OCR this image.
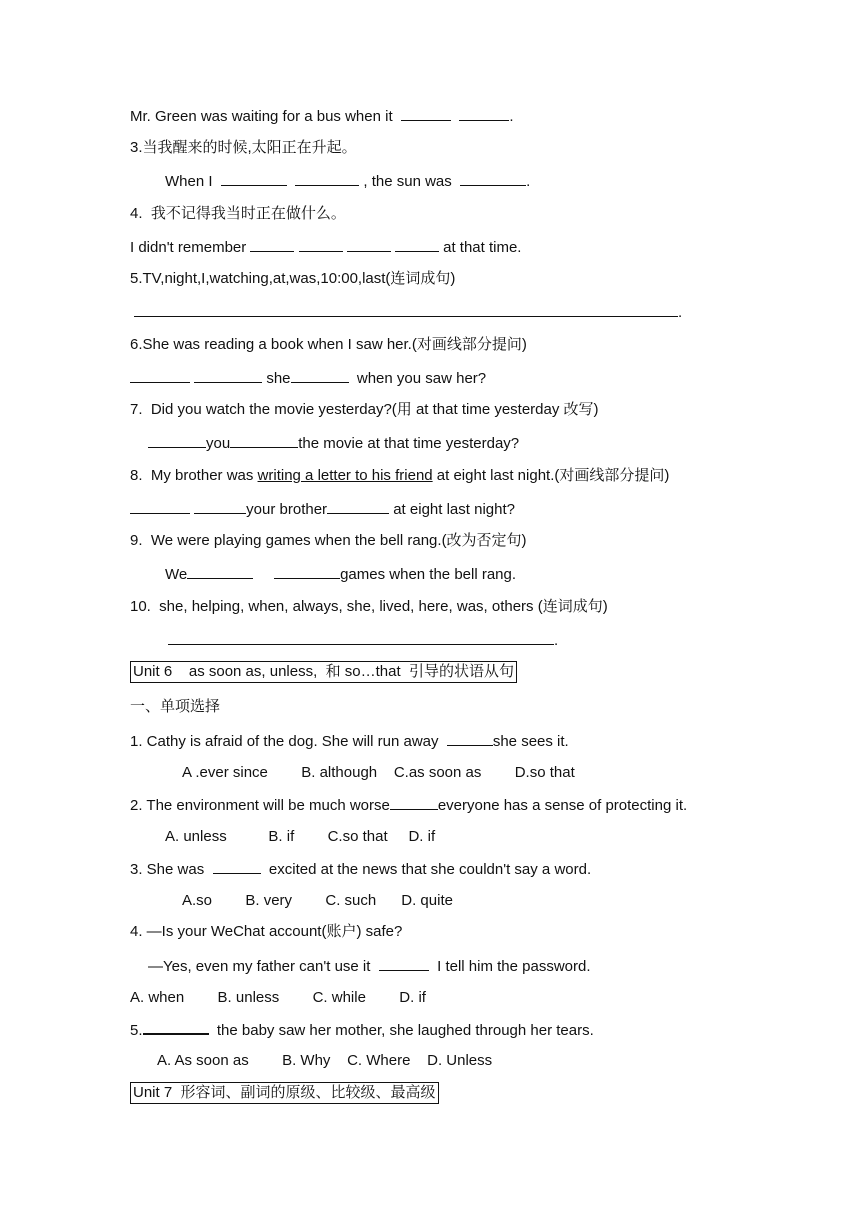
Mr. Green was waiting for a bus when it	.
3.当我醒来的时候,太阳正在升起。
When I	, the sun was	.
4.  我不记得我当时正在做什么。
I didn't remember	at that time.
5.TV,night,I,watching,at,was,10:00,last(连词成句)
.
6.She was reading a book when I saw her.(对画线部分提问)
she	when you saw her?
7.  Did you watch the movie yesterday?(用 at that time yesterday 改写)
you	the movie at that time yesterday?
8.  My brother was writing a letter to his friend at eight last night.(对画线部分提问)
your brother	at eight last night?
9.  We were playing games when the bell rang.(改为否定句)
We	games when the bell rang.
10.  she, helping, when, always, she, lived, here, was, others (连词成句)
.
Unit 6    as soon as, unless,  和 so…that  引导的状语从句
一、单项选择
1. Cathy is afraid of the dog. She will run away	she sees it.
A .ever since B. although C.as soon as D.so that
2. The environment will be much worse	everyone has a sense of protecting it.
A. unless	B. if C.so that D. if
3. She was	excited at the news that she couldn't say a word.
A.so B. very C. such D. quite
4. —Is your WeChat account(账户) safe?
—Yes, even my father can't use it	I tell him the password.
A. when B. unless C. while D. if
5.	the baby saw her mother, she laughed through her tears.
A. As soon as B. Why C. Where D. Unless
Unit 7  形容词、副词的原级、比较级、最高级
